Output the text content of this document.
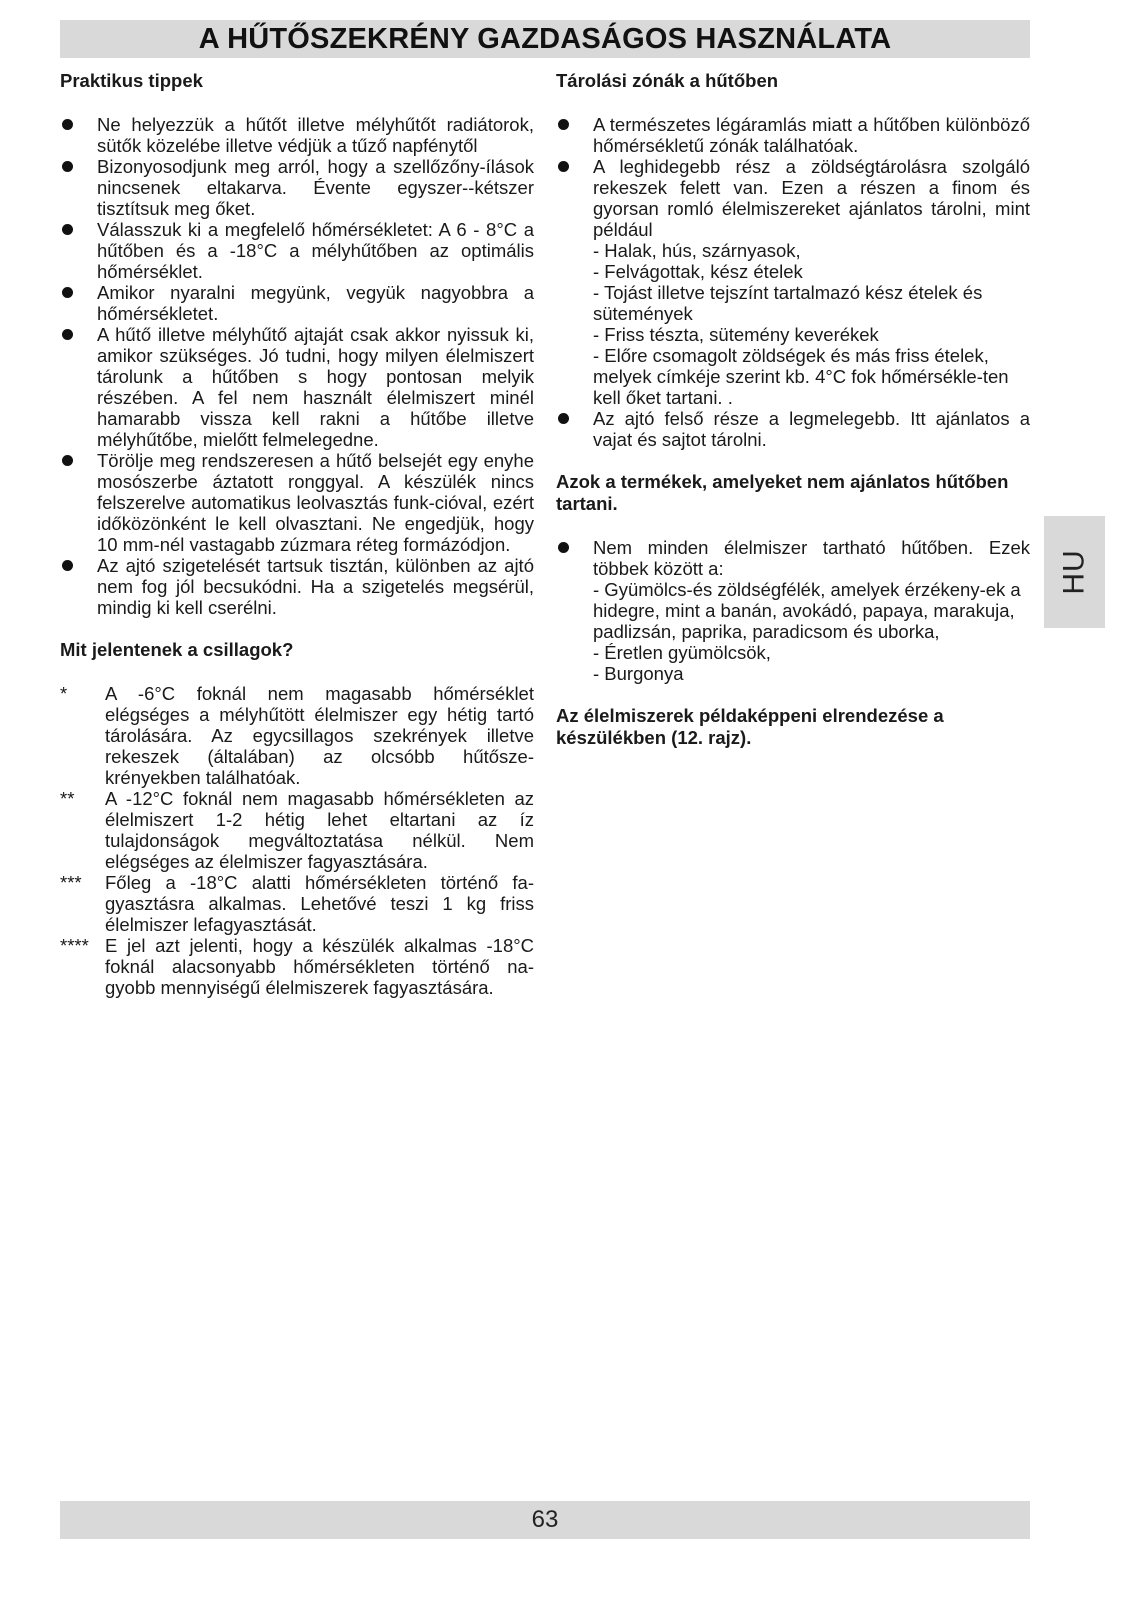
A HŰTŐSZEKRÉNY GAZDASÁGOS HASZNÁLATA
Praktikus tippek
Ne helyezzük a hűtőt illetve mélyhűtőt radiátorok, sütők közelébe illetve védjük a tűző napfénytől
Bizonyosodjunk meg arról, hogy a szellőzőny-ílások nincsenek eltakarva. Évente egyszer--kétszer tisztítsuk meg őket.
Válasszuk ki a megfelelő hőmérsékletet: A 6 - 8°C a hűtőben és a -18°C a mélyhűtőben az optimális hőmérséklet.
Amikor nyaralni megyünk, vegyük nagyobbra a hőmérsékletet.
A hűtő illetve mélyhűtő ajtaját csak akkor nyissuk ki, amikor szükséges. Jó tudni, hogy milyen élelmiszert tárolunk a hűtőben s hogy pontosan melyik részében. A fel nem használt élelmiszert minél hamarabb vissza kell rakni a hűtőbe illetve mélyhűtőbe, mielőtt felmelegedne.
Törölje meg rendszeresen a hűtő belsejét egy enyhe mosószerbe áztatott ronggyal. A készülék nincs felszerelve automatikus leolvasztás funk-cióval, ezért időközönként le kell olvasztani. Ne engedjük, hogy 10 mm-nél vastagabb zúzmara réteg formázódjon.
Az ajtó szigetelését tartsuk tisztán, különben az ajtó nem fog jól becsukódni. Ha a szigetelés megsérül, mindig ki kell cserélni.
Mit jelentenek a csillagok?
* A -6°C foknál nem magasabb hőmérséklet elégséges a mélyhűtött élelmiszer egy hétig tartó tárolására. Az egycsillagos szekrények illetve rekeszek (általában) az olcsóbb hűtősze-krényekben találhatóak.
** A -12°C foknál nem magasabb hőmérsékleten az élelmiszert 1-2 hétig lehet eltartani az íz tulajdonságok megváltoztatása nélkül. Nem elégséges az élelmiszer fagyasztására.
*** Főleg a -18°C alatti hőmérsékleten történő fa-gyasztásra alkalmas. Lehetővé teszi 1 kg friss élelmiszer lefagyasztását.
**** E jel azt jelenti, hogy a készülék alkalmas -18°C foknál alacsonyabb hőmérsékleten történő na-gyobb mennyiségű élelmiszerek fagyasztására.
Tárolási zónák a hűtőben
A természetes légáramlás miatt a hűtőben különböző hőmérsékletű zónák találhatóak.
A leghidegebb rész a zöldségtárolásra szolgáló rekeszek felett van. Ezen a részen a finom és gyorsan romló élelmiszereket ajánlatos tárolni, mint például
- Halak, hús, szárnyasok,
- Felvágottak, kész ételek
- Tojást illetve tejszínt tartalmazó kész ételek és sütemények
- Friss tészta, sütemény keverékek
- Előre csomagolt zöldségek és más friss ételek, melyek címkéje szerint kb. 4°C fok hőmérsékle-ten kell őket tartani. .
Az ajtó felső része a legmelegebb. Itt ajánlatos a vajat és sajtot tárolni.
Azok a termékek, amelyeket nem ajánlatos hűtőben tartani.
Nem minden élelmiszer tartható hűtőben. Ezek többek között a:
- Gyümölcs-és zöldségfélék, amelyek érzékeny-ek a hidegre, mint a banán, avokádó, papaya, marakuja, padlizsán, paprika, paradicsom és uborka,
- Éretlen gyümölcsök,
- Burgonya
Az élelmiszerek példaképpeni elrendezése a készülékben (12. rajz).
HU
63
